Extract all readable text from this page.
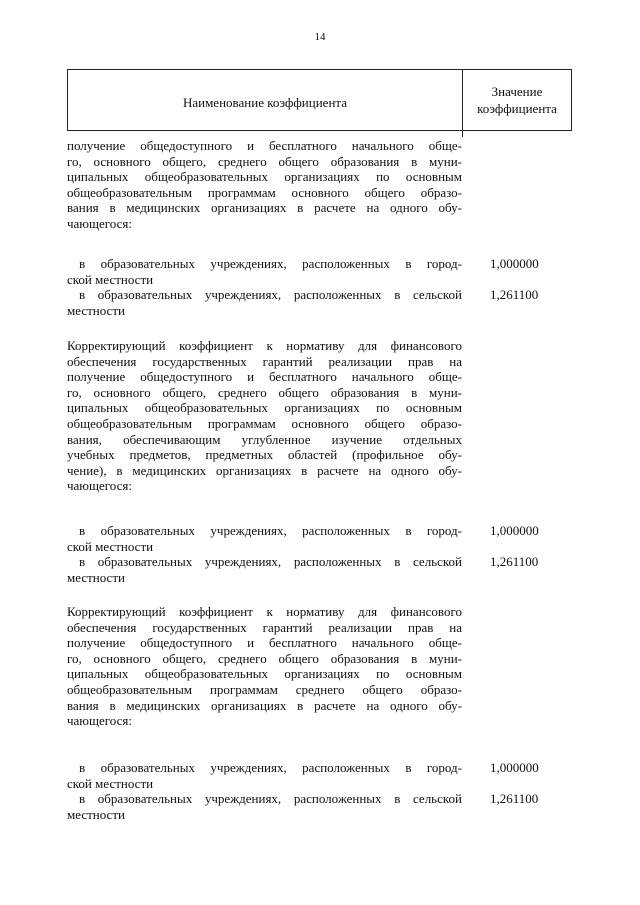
14
Наименование коэффициента
Значение
коэффициента
получение общедоступного и бесплатного начального обще-
го, основного общего, среднего общего образования в муни-
ципальных общеобразовательных организациях по основным
общеобразовательным программам основного общего образо-
вания в медицинских организациях в расчете на одного обу-
чающегося:
в образовательных учреждениях, расположенных в город-
ской местности
1,000000
в образовательных учреждениях, расположенных в сельской
местности
1,261100
Корректирующий коэффициент к нормативу для финансового
обеспечения государственных гарантий реализации прав на
получение общедоступного и бесплатного начального обще-
го, основного общего, среднего общего образования в муни-
ципальных общеобразовательных организациях по основным
общеобразовательным программам основного общего образо-
вания, обеспечивающим углубленное изучение отдельных
учебных предметов, предметных областей (профильное обу-
чение), в медицинских организациях в расчете на одного обу-
чающегося:
в образовательных учреждениях, расположенных в город-
ской местности
1,000000
в образовательных учреждениях, расположенных в сельской
местности
1,261100
Корректирующий коэффициент к нормативу для финансового
обеспечения государственных гарантий реализации прав на
получение общедоступного и бесплатного начального обще-
го, основного общего, среднего общего образования в муни-
ципальных общеобразовательных организациях по основным
общеобразовательным программам среднего общего образо-
вания в медицинских организациях в расчете на одного обу-
чающегося:
в образовательных учреждениях, расположенных в город-
ской местности
1,000000
в образовательных учреждениях, расположенных в сельской
местности
1,261100
